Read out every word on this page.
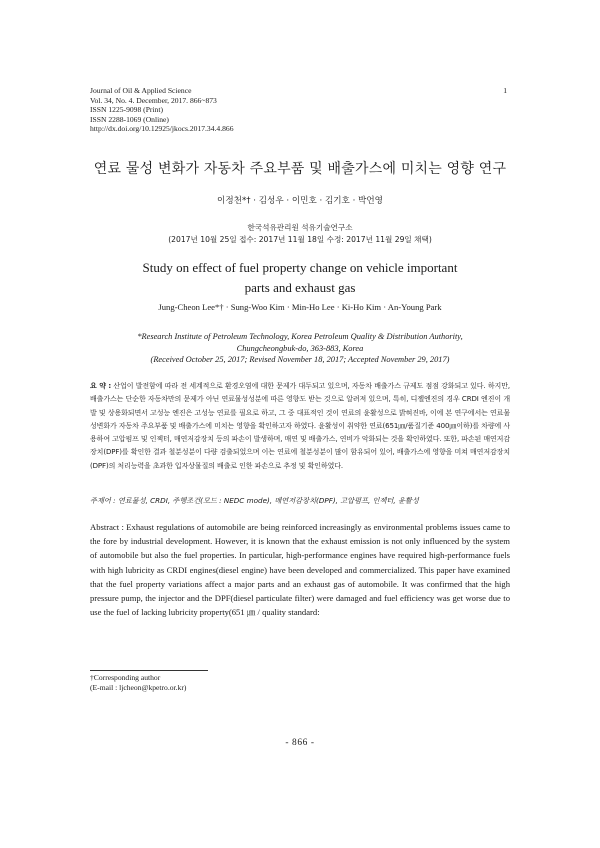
Journal of Oil & Applied Science
Vol. 34, No. 4. December, 2017. 866~873
ISSN 1225-9098 (Print)
ISSN 2288-1069 (Online)
http://dx.doi.org/10.12925/jkocs.2017.34.4.866
1
연료 물성 변화가 자동차 주요부품 및 배출가스에 미치는 영향 연구
이정천*† · 김성우 · 이민호 · 김기호 · 박언영
한국석유관리원 석유기술연구소
(2017년 10월 25일 접수: 2017년 11월 18일 수정: 2017년 11월 29일 채택)
Study on effect of fuel property change on vehicle important
parts and exhaust gas
Jung-Cheon Lee*† · Sung-Woo Kim · Min-Ho Lee · Ki-Ho Kim · An-Young Park
*Research Institute of Petroleum Technology, Korea Petroleum Quality & Distribution Authority,
Chungcheongbuk-do, 363-883, Korea
(Received October 25, 2017; Revised November 18, 2017; Accepted November 29, 2017)
요 약 : 산업이 발전함에 따라 전 세계적으로 환경오염에 대한 문제가 대두되고 있으며, 자동차 배출가스 규제도 점점 강화되고 있다. 하지만, 배출가스는 단순한 자동차만의 문제가 아닌 연료물성성분에 따른 영향도 받는 것으로 알려져 있으며, 특히, 디젤엔진의 경우 CRDI 엔진이 개발 및 상용화되면서 고성능 엔진은 고성능 연료를 필요로 하고, 그 중 대표적인 것이 연료의 윤활성으로 밝혀진바, 이에 본 연구에서는 연료물성변화가 자동차 주요부품 및 배출가스에 미치는 영향을 확인하고자 하였다. 윤활성이 취약한 연료(651㎛/품질기준 400㎛이하)를 차량에 사용하여 고압펌프 및 인젝터, 매연저감장치 등의 파손이 발생하며, 매연 및 배출가스, 연비가 악화되는 것을 확인하였다. 또한, 파손된 매연저감장치(DPF)를 확인한 결과 철분성분이 다량 검출되었으며 이는 연료에 철분성분이 많이 함유되어 있어, 배출가스에 영향을 미쳐 매연저감장치(DPF)의 처리능력을 초과한 입자상물질의 배출로 인한 파손으로 추정 및 확인하였다.
주제어 : 연료물성, CRDI, 주행조건(모드 : NEDC mode), 매연저감장치(DPF), 고압펌프, 인젝터, 윤활성
Abstract : Exhaust regulations of automobile are being reinforced increasingly as environmental problems issues came to the fore by industrial development. However, it is known that the exhaust emission is not only influenced by the system of automobile but also the fuel properties. In particular, high-performance engines have required high-performance fuels with high lubricity as CRDI engines(diesel engine) have been developed and commercialized. This paper have examined that the fuel property variations affect a major parts and an exhaust gas of automobile. It was confirmed that the high pressure pump, the injector and the DPF(diesel particulate filter) were damaged and fuel efficiency was get worse due to use the fuel of lacking lubricity property(651 ㎛ / quality standard:
†Corresponding author
(E-mail : ljcheon@kpetro.or.kr)
- 866 -
